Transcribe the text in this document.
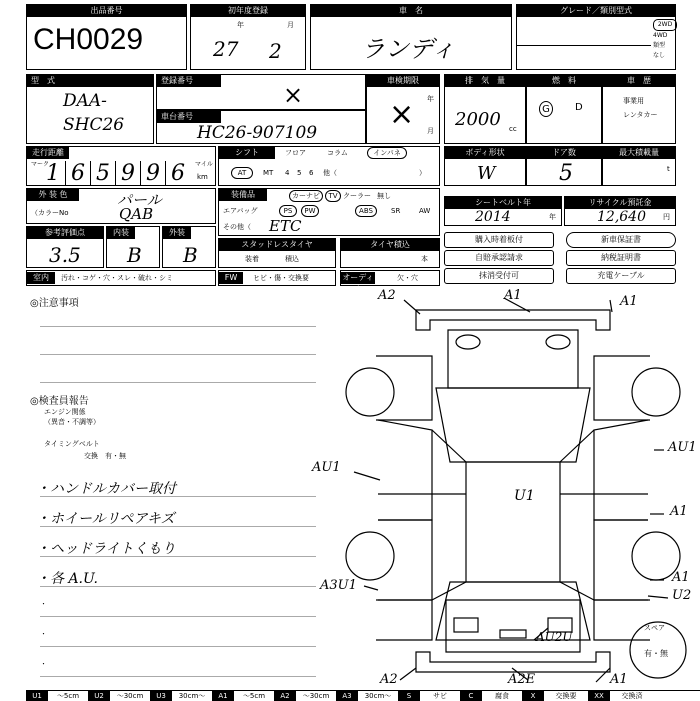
出品番号
CH0029
初年度登録
年	月
27 2
車　名
ランディ
グレード／類別型式
2WD
4WD
類型
なし
型　式
DAA-
SHC26
登録番号
×
車台番号
HC26-907109
車検期限
年
月
×
排　気　量
2000 cc
燃　料
G	D
車　歴
事業用
レンタカー
走行距離
マーク
1 6 5 9 9 6	マイル
km
シフト	フロア	コラム	インパネ
AT	MT 4 5 6 他（	）
ボディ形状
W
ドア数
5
最大積載量
t
外 装 色	パール
（カラーNo	QAB
装備品	カーナビ	TV クーラー 無し
エアバッグ	PS	PW	ABS	SR	AW
その他（ ETC
シートベルト年
2014	年
リサイクル預託金
12,640 円
参考評価点
3.5
内装
B
外装
B	スタッドレスタイヤ
装着	積込
タイヤ積込
本
購入時着板付
自賠承認請求
抹消受付可
新車保証書
納税証明書
充電ケーブル
室内	汚れ・コゲ・穴・スレ・破れ・シミ	FW	ヒビ・傷・交換要	オーディオ
欠・穴
◎注意事項
◎検査員報告
エンジン関係
（異音・不調等）
タイミングベルト
交換　有・無
・
・
・
・ハンドルカバー取付
・ホイールリペアキズ
・ヘッドライトくもり
・各 A.U.
A2	A1	A1
AU1
U1
AU1
A1
A1
A3U1
U2
AU2U
A2	A2E	A1
スペア
有・無
U1	～5cm	U2	～30cm	U3	30cm～	A1	～5cm	A2	～30cm	A3	30cm～	S	サビ	C	腐食	X	交換要	XX	交換済
